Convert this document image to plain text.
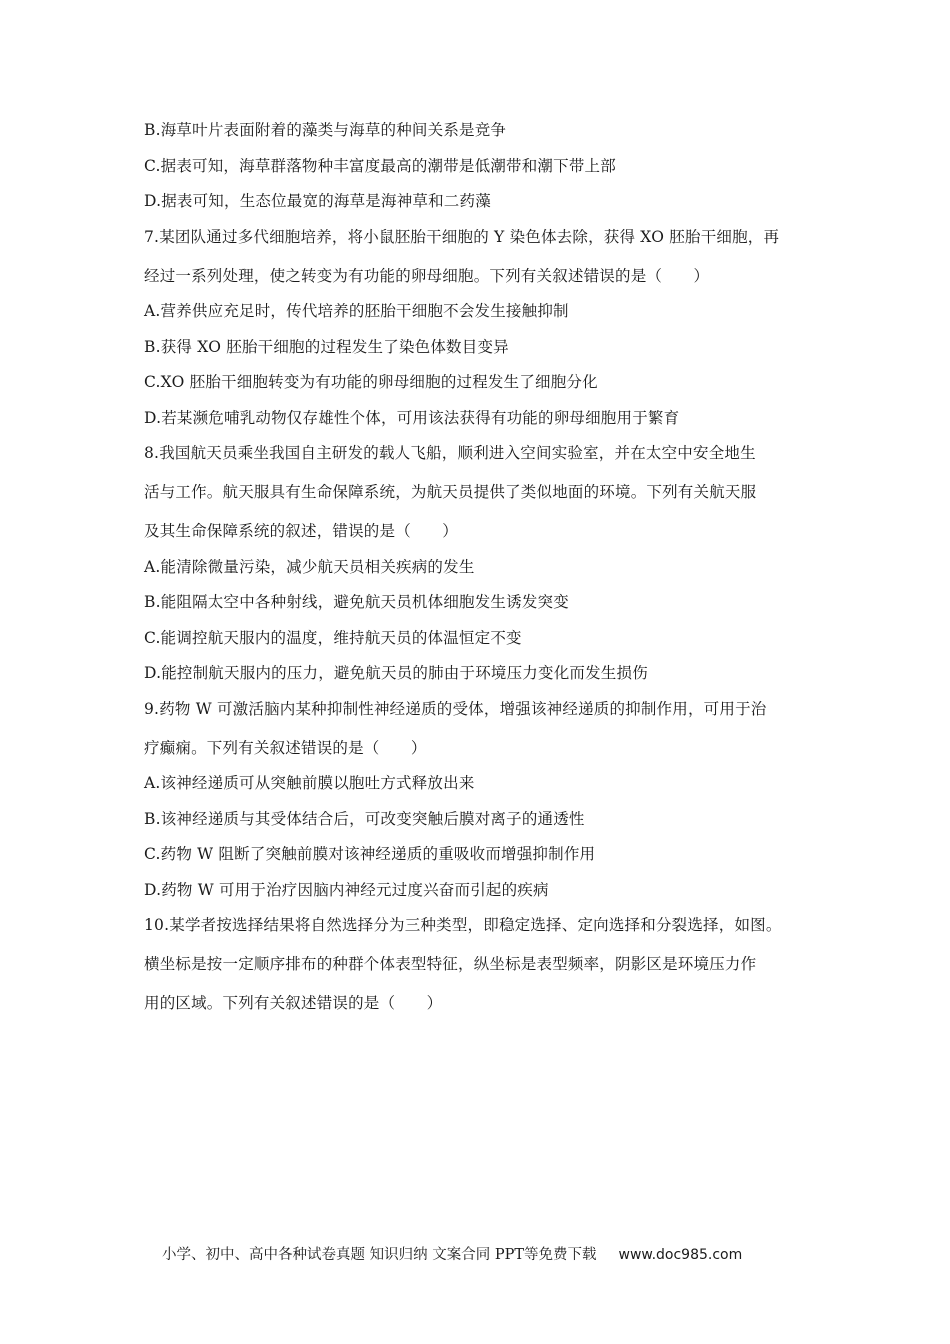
B.海草叶片表面附着的藻类与海草的种间关系是竞争

C.据表可知，海草群落物种丰富度最高的潮带是低潮带和潮下带上部

D.据表可知，生态位最宽的海草是海神草和二药藻

7.某团队通过多代细胞培养，将小鼠胚胎干细胞的 Y 染色体去除，获得 XO 胚胎干细胞，再

经过一系列处理，使之转变为有功能的卵母细胞。下列有关叙述错误的是（　　）

A.营养供应充足时，传代培养的胚胎干细胞不会发生接触抑制

B.获得 XO 胚胎干细胞的过程发生了染色体数目变异

C.XO 胚胎干细胞转变为有功能的卵母细胞的过程发生了细胞分化

D.若某濒危哺乳动物仅存雄性个体，可用该法获得有功能的卵母细胞用于繁育

8.我国航天员乘坐我国自主研发的载人飞船，顺利进入空间实验室，并在太空中安全地生

活与工作。航天服具有生命保障系统，为航天员提供了类似地面的环境。下列有关航天服

及其生命保障系统的叙述，错误的是（　　）

A.能清除微量污染，减少航天员相关疾病的发生

B.能阻隔太空中各种射线，避免航天员机体细胞发生诱发突变

C.能调控航天服内的温度，维持航天员的体温恒定不变

D.能控制航天服内的压力，避免航天员的肺由于环境压力变化而发生损伤

9.药物 W 可激活脑内某种抑制性神经递质的受体，增强该神经递质的抑制作用，可用于治

疗癫痫。下列有关叙述错误的是（　　）

A.该神经递质可从突触前膜以胞吐方式释放出来

B.该神经递质与其受体结合后，可改变突触后膜对离子的通透性

C.药物 W 阻断了突触前膜对该神经递质的重吸收而增强抑制作用

D.药物 W 可用于治疗因脑内神经元过度兴奋而引起的疾病

10.某学者按选择结果将自然选择分为三种类型，即稳定选择、定向选择和分裂选择，如图。

横坐标是按一定顺序排布的种群个体表型特征，纵坐标是表型频率，阴影区是环境压力作

用的区域。下列有关叙述错误的是（　　）

小学、初中、高中各种试卷真题 知识归纳 文案合同 PPT等免费下载 www.doc985.com
